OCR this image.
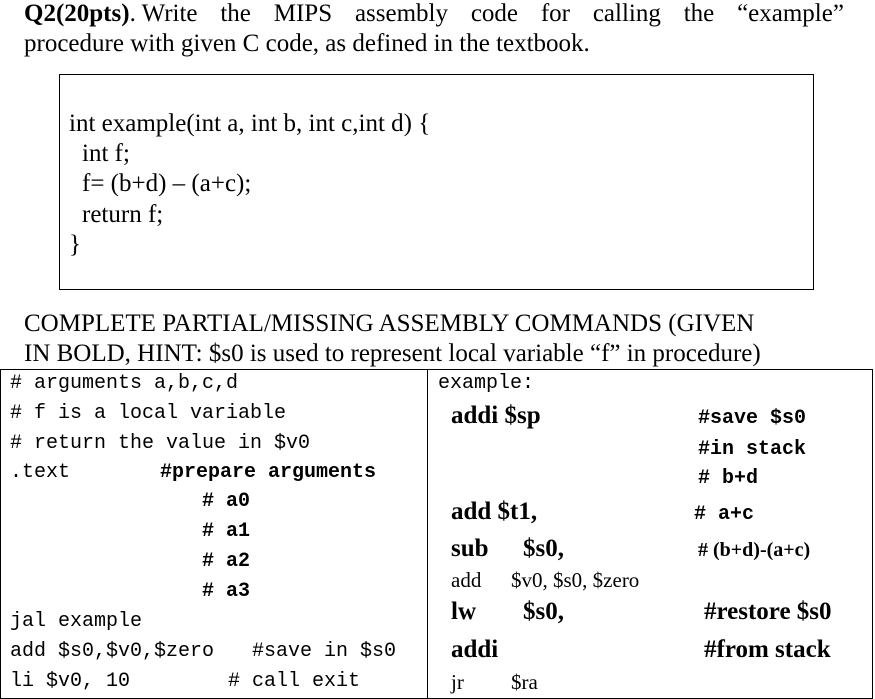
Q2(20pts). Write the MIPS assembly code for calling the “example”
procedure with given C code, as defined in the textbook.
int example(int a, int b, int c,int d) {
int f;
f= (b+d) – (a+c);
return f;
}
COMPLETE PARTIAL/MISSING ASSEMBLY COMMANDS (GIVEN
IN BOLD, HINT: $s0 is used to represent local variable “f” in procedure)
# arguments a,b,c,d
# f is a local variable
# return the value in $v0
.text	#prepare arguments
# a0
# a1
# a2
# a3
jal example
add $s0,$v0,$zero #save in $s0
li $v0, 10	# call exit
example:
addi $sp	#save $s0
#in stack
# b+d
add $t1,	# a+c
sub $s0,	# (b+d)-(a+c)
add $v0, $s0, $zero
lw $s0,	#restore $s0
addi	#from stack
jr $ra
